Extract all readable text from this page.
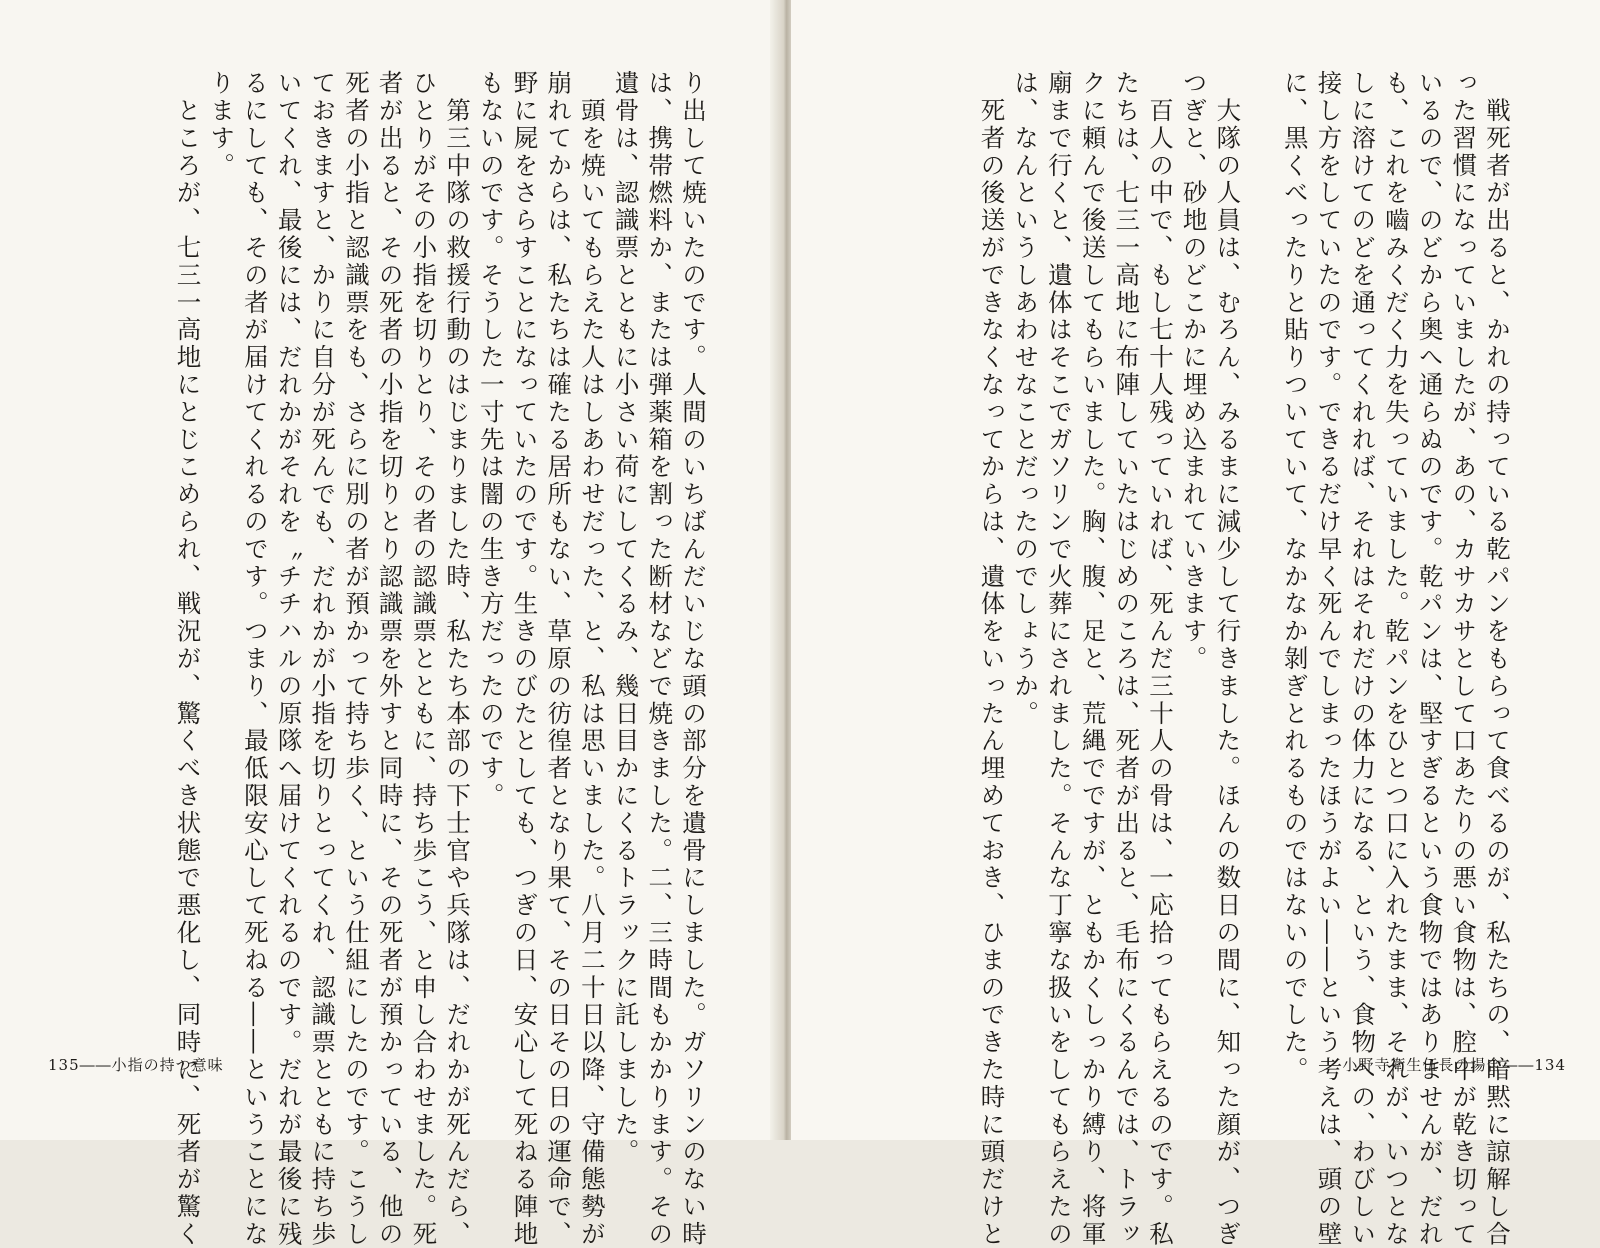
り出して焼いたのです。人間のいちばんだいじな頭の部分を遺骨にしました。ガソリンのない時
は、携帯燃料か、または弾薬箱を割った断材などで焼きました。二、三時間もかかります。その
遺骨は、認識票とともに小さい荷にしてくるみ、幾日目かにくるトラックに託しました。
　頭を焼いてもらえた人はしあわせだった、と、私は思いました。八月二十日以降、守備態勢が
崩れてからは、私たちは確たる居所もない、草原の彷徨者となり果て、その日その日の運命で、
野に屍をさらすことになっていたのです。生きのびたとしても、つぎの日、安心して死ねる陣地
もないのです。そうした一寸先は闇の生き方だったのです。
　第三中隊の救援行動のはじまりました時、私たち本部の下士官や兵隊は、だれかが死んだら、
ひとりがその小指を切りとり、その者の認識票とともに、持ち歩こう、と申し合わせました。死
者が出ると、その死者の小指を切りとり認識票を外すと同時に、その死者が預かっている、他の
死者の小指と認識票をも、さらに別の者が預かって持ち歩く、という仕組にしたのです。こうし
ておきますと、かりに自分が死んでも、だれかが小指を切りとってくれ、認識票とともに持ち歩
いてくれ、最後には、だれかがそれを〝チチハルの原隊へ届けてくれるのです。だれが最後に残
るにしても、その者が届けてくれるのです。つまり、最低限安心して死ねる――ということにな
ります。
　ところが、七三一高地にとじこめられ、戦況が、驚くべき状態で悪化し、同時に、死者が驚く
135――小指の持つ意味	　戦死者が出ると、かれの持っている乾パンをもらって食べるのが、私たちの、暗黙に諒解し合
った習慣になっていましたが、あの、カサカサとして口あたりの悪い食物は、腔中が乾き切って
いるので、のどから奥へ通らぬのです。乾パンは、堅すぎるという食物ではありませんが、だれ
も、これを嚙みくだく力を失っていました。乾パンをひとつ口に入れたまま、それが、いつとな
しに溶けてのどを通ってくれれば、それはそれだけの体力になる、という、食物への、わびしい
接し方をしていたのです。できるだけ早く死んでしまったほうがよい――という考えは、頭の壁
に、黒くべったりと貼りついていて、なかなか剝ぎとれるものではないのでした。
　大隊の人員は、むろん、みるまに減少して行きました。ほんの数日の間に、知った顔が、つぎ
つぎと、砂地のどこかに埋め込まれていきます。
　百人の中で、もし七十人残っていれば、死んだ三十人の骨は、一応拾ってもらえるのです。私
たちは、七三一高地に布陣していたはじめのころは、死者が出ると、毛布にくるんでは、トラッ
クに頼んで後送してもらいました。胸、腹、足と、荒縄でですが、ともかくしっかり縛り、将軍
廟まで行くと、遺体はそこでガソリンで火葬にされました。そんな丁寧な扱いをしてもらえたの
は、なんというしあわせなことだったのでしょうか。
　死者の後送ができなくなってからは、遺体をいったん埋めておき、ひまのできた時に頭だけと	小野寺衛生伍長の場合――134
